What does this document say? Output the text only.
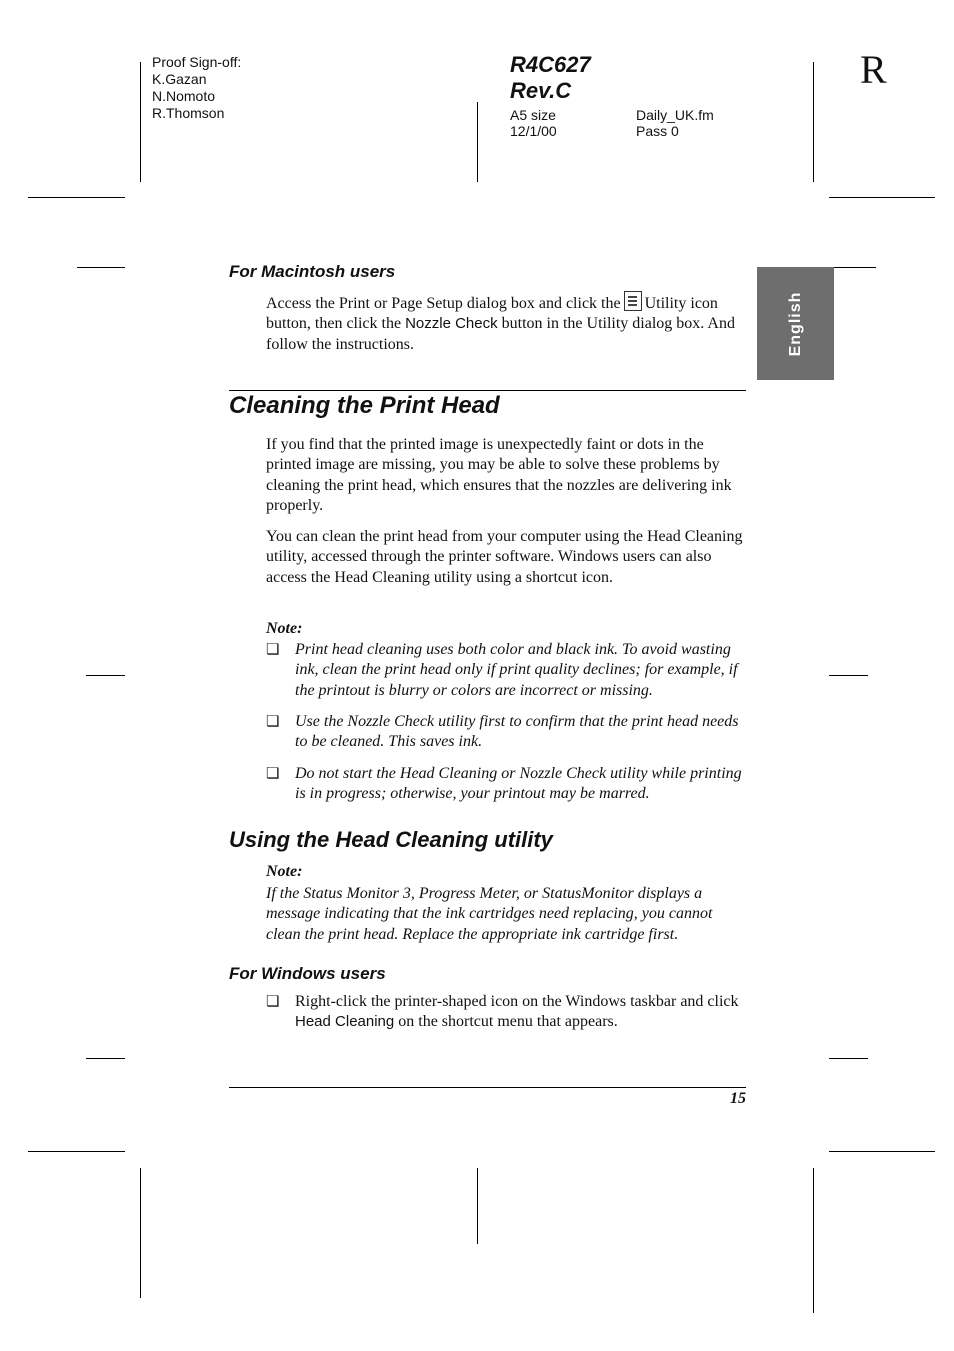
Proof Sign-off:
K.Gazan
N.Nomoto
R.Thomson
R4C627
Rev.C
A5 size
12/1/00
Daily_UK.fm
Pass 0
R
English
For Macintosh users
Access the Print or Page Setup dialog box and click the Utility icon button, then click the Nozzle Check button in the Utility dialog box. And follow the instructions.
Cleaning the Print Head
If you find that the printed image is unexpectedly faint or dots in the printed image are missing, you may be able to solve these problems by cleaning the print head, which ensures that the nozzles are delivering ink properly.
You can clean the print head from your computer using the Head Cleaning utility, accessed through the printer software. Windows users can also access the Head Cleaning utility using a shortcut icon.
Note:
❏ Print head cleaning uses both color and black ink. To avoid wasting ink, clean the print head only if print quality declines; for example, if the printout is blurry or colors are incorrect or missing.
❏ Use the Nozzle Check utility first to confirm that the print head needs to be cleaned. This saves ink.
❏ Do not start the Head Cleaning or Nozzle Check utility while printing is in progress; otherwise, your printout may be marred.
Using the Head Cleaning utility
Note:
If the Status Monitor 3, Progress Meter, or StatusMonitor displays a message indicating that the ink cartridges need replacing, you cannot clean the print head. Replace the appropriate ink cartridge first.
For Windows users
❏ Right-click the printer-shaped icon on the Windows taskbar and click Head Cleaning on the shortcut menu that appears.
15
